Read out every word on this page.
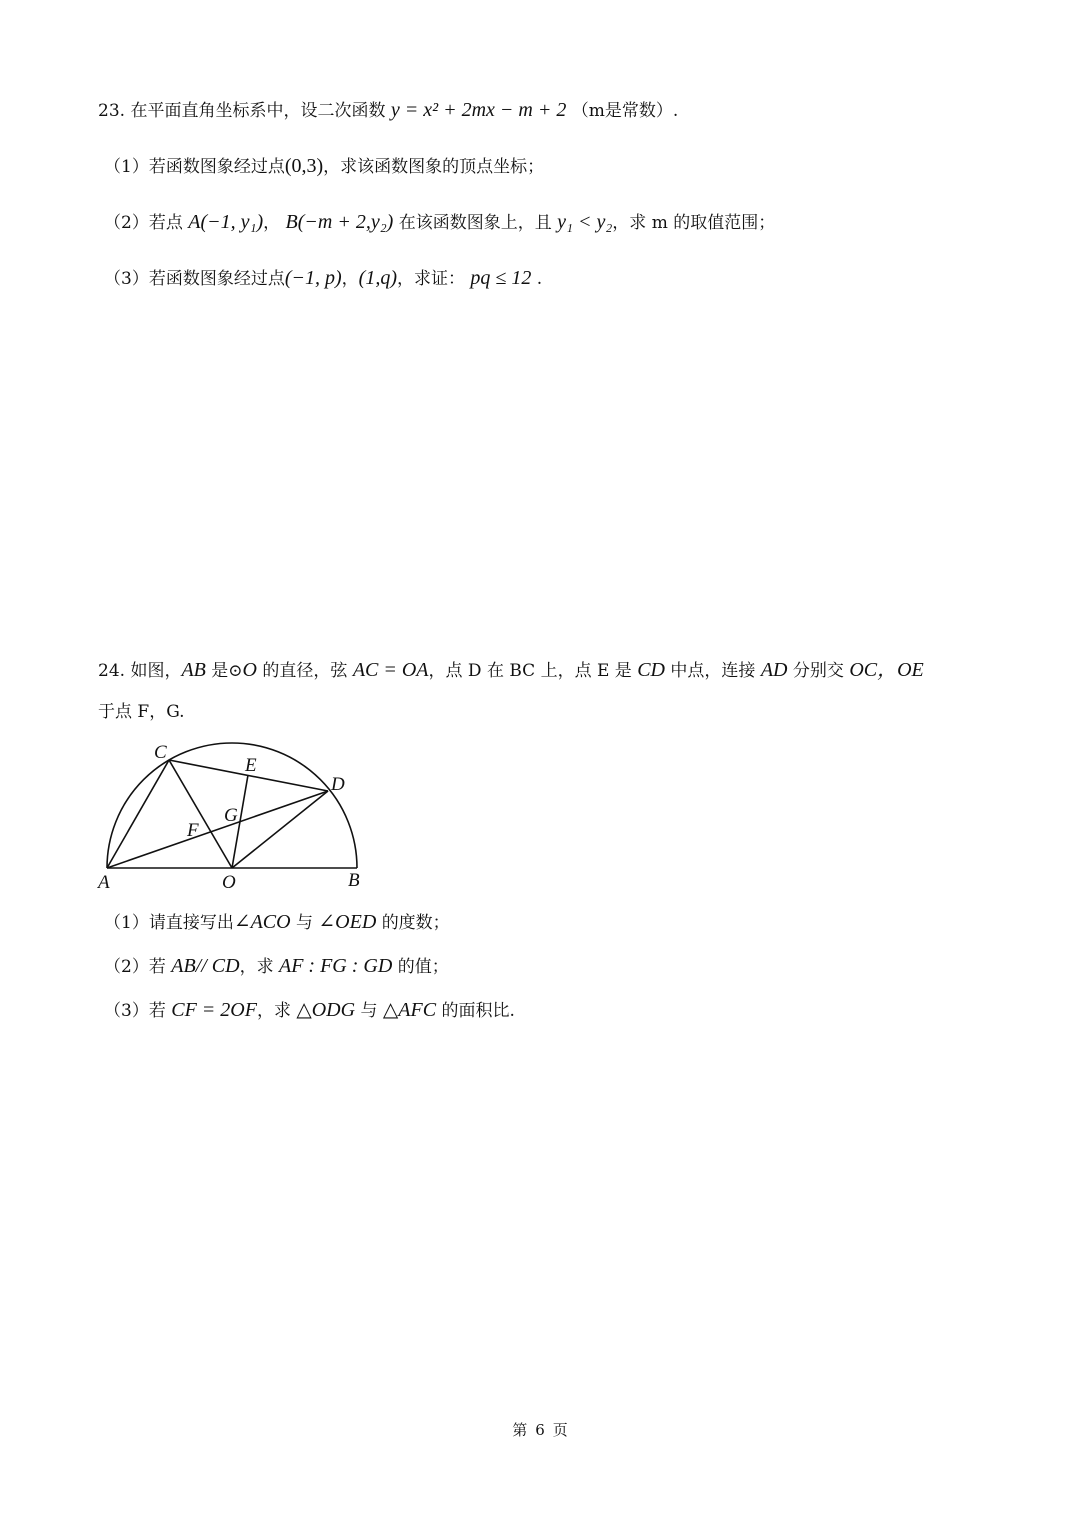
23. 在平面直角坐标系中，设二次函数 y = x² + 2mx − m + 2 （m是常数）.
（1）若函数图象经过点(0,3)，求该函数图象的顶点坐标；
（2）若点 A(−1, y₁)， B(−m + 2,y₂) 在该函数图象上，且 y₁ < y₂，求 m 的取值范围；
（3）若函数图象经过点(−1, p)，(1,q)，求证： pq ≤ 12 .
24. 如图，AB 是⊙O 的直径，弦 AC = OA，点 D 在 BC 上，点 E 是 CD 中点，连接 AD 分别交 OC，OE
于点 F，G.
A	O	B
C
D
E
F
G
（1）请直接写出∠ACO 与 ∠OED 的度数；
（2）若 AB// CD，求 AF : FG : GD 的值；
（3）若 CF = 2OF，求 △ODG 与 △AFC 的面积比.
第 6 页
